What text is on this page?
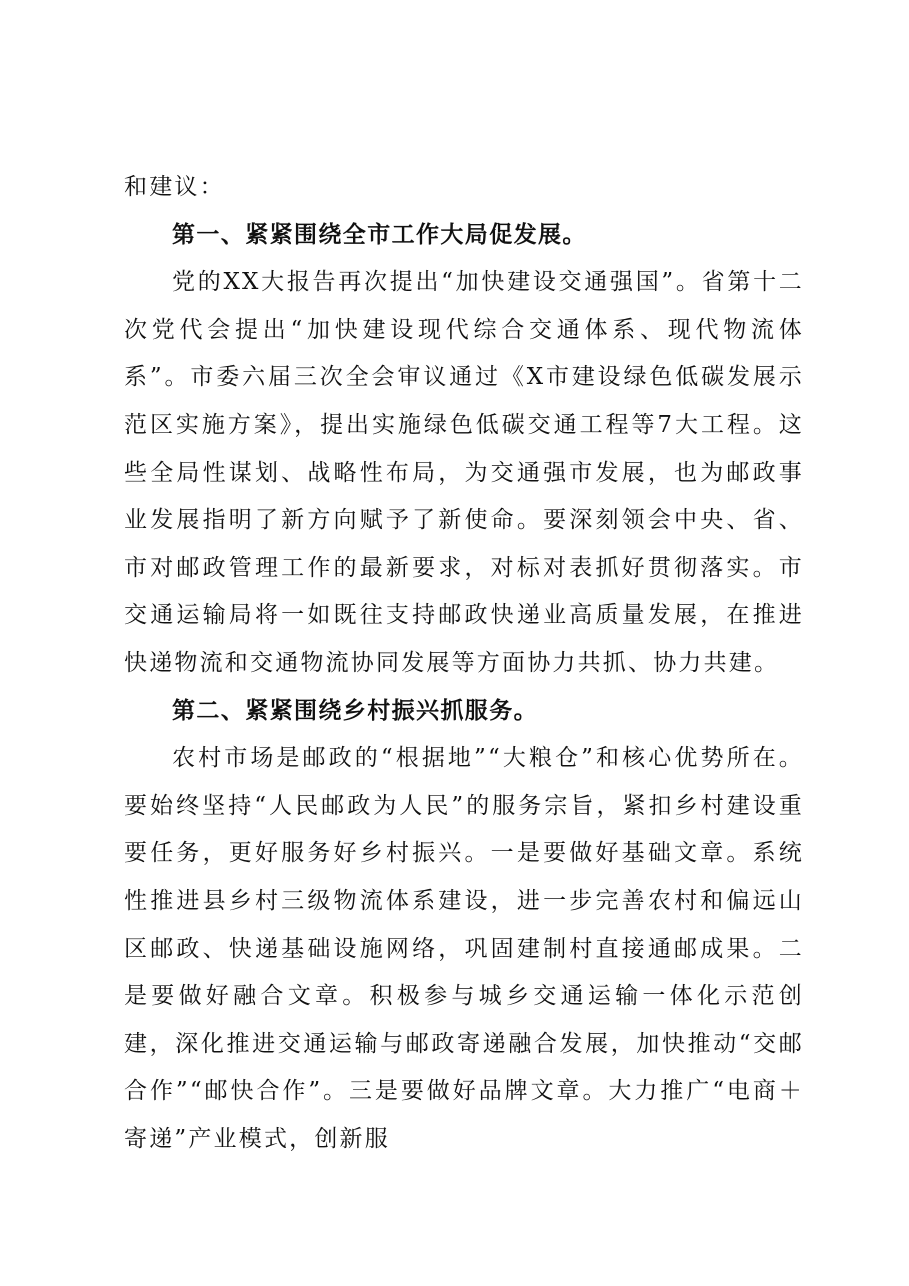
和建议：

第一、紧紧围绕全市工作大局促发展。

党的XX大报告再次提出“加快建设交通强国”。省第十二次党代会提出“加快建设现代综合交通体系、现代物流体系”。市委六届三次全会审议通过《X市建设绿色低碳发展示范区实施方案》，提出实施绿色低碳交通工程等7大工程。这些全局性谋划、战略性布局，为交通强市发展，也为邮政事业发展指明了新方向赋予了新使命。要深刻领会中央、省、市对邮政管理工作的最新要求，对标对表抓好贯彻落实。市交通运输局将一如既往支持邮政快递业高质量发展，在推进快递物流和交通物流协同发展等方面协力共抓、协力共建。

第二、紧紧围绕乡村振兴抓服务。

农村市场是邮政的“根据地”“大粮仓”和核心优势所在。要始终坚持“人民邮政为人民”的服务宗旨，紧扣乡村建设重要任务，更好服务好乡村振兴。一是要做好基础文章。系统性推进县乡村三级物流体系建设，进一步完善农村和偏远山区邮政、快递基础设施网络，巩固建制村直接通邮成果。二是要做好融合文章。积极参与城乡交通运输一体化示范创建，深化推进交通运输与邮政寄递融合发展，加快推动“交邮合作”“邮快合作”。三是要做好品牌文章。大力推广“电商＋寄递”产业模式，创新服
